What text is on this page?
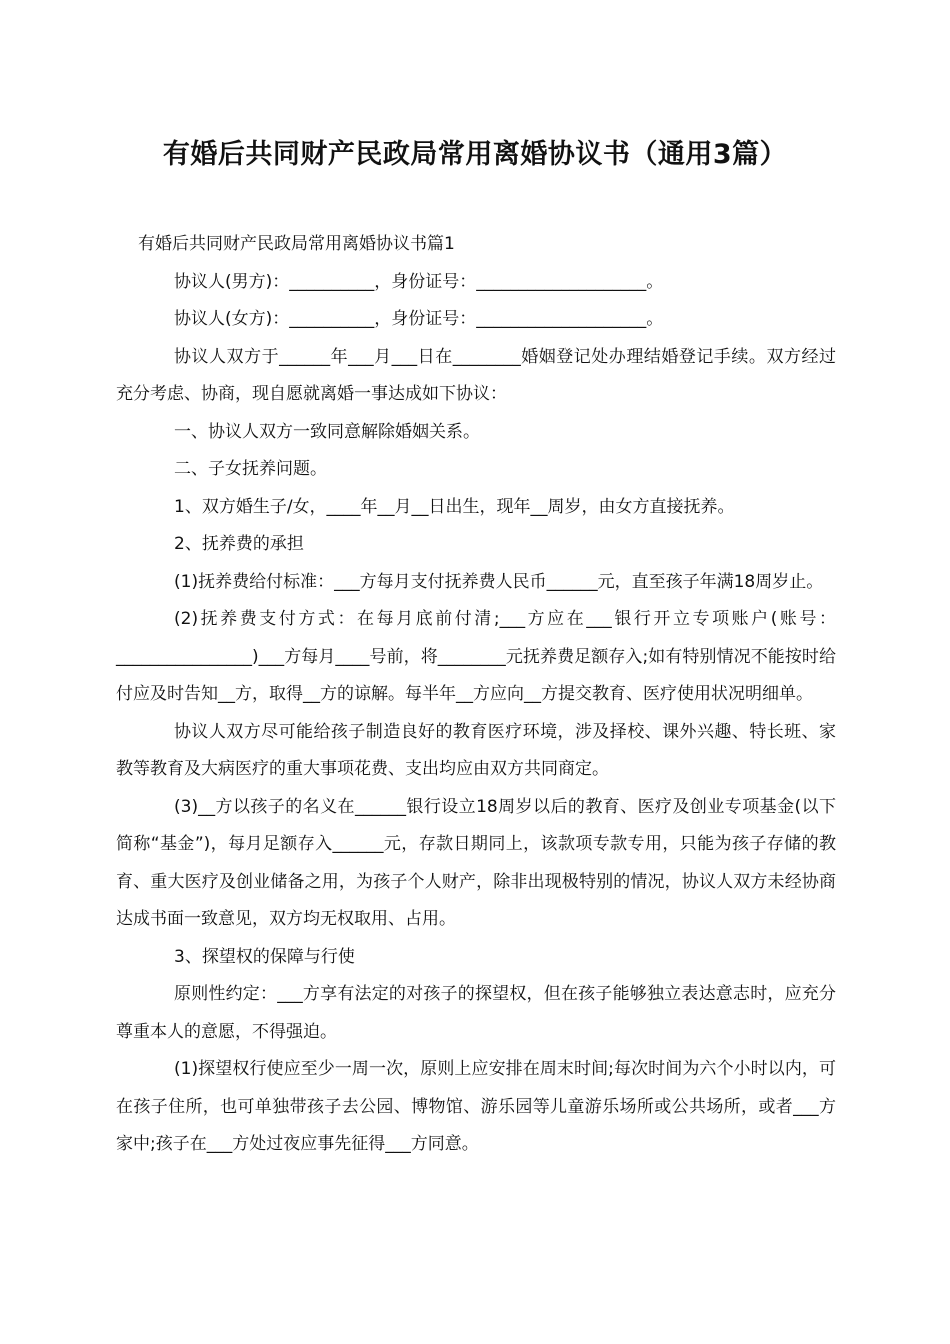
有婚后共同财产民政局常用离婚协议书（通用3篇）

有婚后共同财产民政局常用离婚协议书篇1

协议人(男方)：__________，身份证号：____________________。

协议人(女方)：__________，身份证号：____________________。

协议人双方于______年___月___日在________婚姻登记处办理结婚登记手续。双方经过充分考虑、协商，现自愿就离婚一事达成如下协议：

一、协议人双方一致同意解除婚姻关系。

二、子女抚养问题。

1、双方婚生子/女，____年__月__日出生，现年__周岁，由女方直接抚养。

2、抚养费的承担

(1)抚养费给付标准：___方每月支付抚养费人民币______元，直至孩子年满18周岁止。

(2)抚养费支付方式：在每月底前付清;___方应在___银行开立专项账户(账号：________________)___方每月____号前，将________元抚养费足额存入;如有特别情况不能按时给付应及时告知__方，取得__方的谅解。每半年__方应向__方提交教育、医疗使用状况明细单。

协议人双方尽可能给孩子制造良好的教育医疗环境，涉及择校、课外兴趣、特长班、家教等教育及大病医疗的重大事项花费、支出均应由双方共同商定。

(3)__方以孩子的名义在______银行设立18周岁以后的教育、医疗及创业专项基金(以下简称“基金”)，每月足额存入______元，存款日期同上，该款项专款专用，只能为孩子存储的教育、重大医疗及创业储备之用，为孩子个人财产，除非出现极特别的情况，协议人双方未经协商达成书面一致意见，双方均无权取用、占用。

3、探望权的保障与行使

原则性约定：___方享有法定的对孩子的探望权，但在孩子能够独立表达意志时，应充分尊重本人的意愿，不得强迫。

(1)探望权行使应至少一周一次，原则上应安排在周末时间;每次时间为六个小时以内，可在孩子住所，也可单独带孩子去公园、博物馆、游乐园等儿童游乐场所或公共场所，或者___方家中;孩子在___方处过夜应事先征得___方同意。
